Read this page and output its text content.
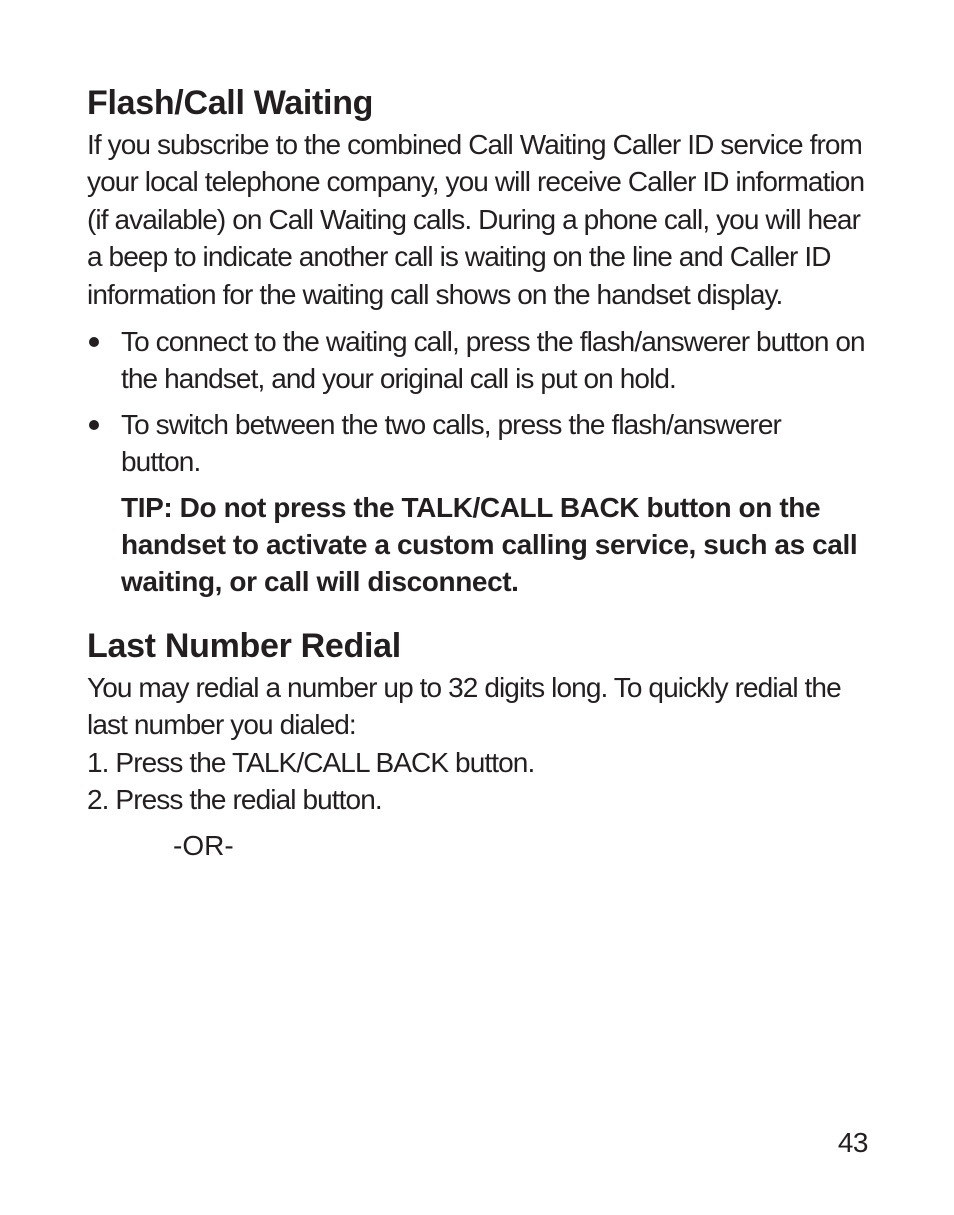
Flash/Call Waiting

If you subscribe to the combined Call Waiting Caller ID service from your local telephone company, you will receive Caller ID information (if available) on Call Waiting calls. During a phone call, you will hear a beep to indicate another call is waiting on the line and Caller ID information for the waiting call shows on the handset display.

To connect to the waiting call, press the flash/answerer button on the handset, and your original call is put on hold.
To switch between the two calls, press the flash/answerer button.

TIP: Do not press the TALK/CALL BACK button on the handset to activate a custom calling service, such as call waiting, or call will disconnect.

Last Number Redial

You may redial a number up to 32 digits long. To quickly redial the last number you dialed:

1. Press the TALK/CALL BACK button.

2. Press the redial button.

-OR-

43
